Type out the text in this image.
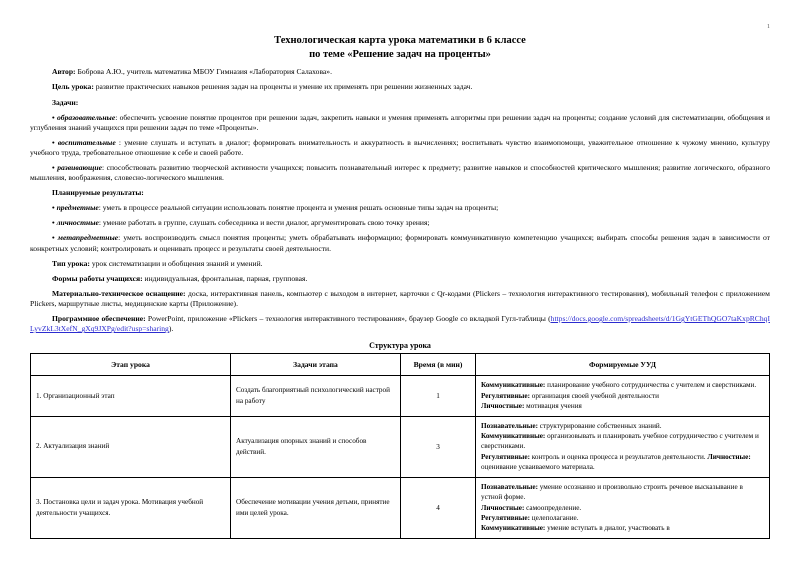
1
Технологическая карта урока математики в 6 классе
по теме «Решение задач на проценты»
Автор: Боброва А.Ю., учитель математика МБОУ Гимназия «Лаборатория Салахова».
Цель урока: развитие практических навыков решения задач на проценты и умение их применять при решении жизненных задач.
Задачи:
• образовательные: обеспечить усвоение понятие процентов при решении задач, закрепить навыки и умения применять алгоритмы при решении задач на проценты; создание условий для систематизации, обобщения и углубления знаний учащихся при решении задач по теме «Проценты».
• воспитательные : умение слушать и вступать в диалог; формировать внимательность и аккуратность в вычислениях; воспитывать чувство взаимопомощи, уважительное отношение к чужому мнению, культуру учебного труда, требовательное отношение к себе и своей работе.
• развивающие: способствовать развитию творческой активности учащихся; повысить познавательный интерес к предмету; развитие навыков и способностей критического мышления; развитие логического, образного мышления, воображения, словесно-логического мышления.
Планируемые результаты:
• предметные: уметь в процессе реальной ситуации использовать понятие процента и умения решать основные типы задач на проценты;
• личностные: умение работать в группе, слушать собеседника и вести диалог, аргументировать свою точку зрения;
• метапредметные: уметь воспроизводить смысл понятия проценты; уметь обрабатывать информацию; формировать коммуникативную компетенцию учащихся; выбирать способы решения задач в зависимости от конкретных условий; контролировать и оценивать процесс и результаты своей деятельности.
Тип урока: урок систематизации и обобщения знаний и умений.
Формы работы учащихся: индивидуальная, фронтальная, парная, групповая.
Материально-техническое оснащение: доска, интерактивная панель, компьютер с выходом в интернет, карточки с Qr-кодами (Plickers – технология интерактивного тестирования), мобильный телефон с приложением Plickers, маршрутные листы, медицинские карты (Приложение).
Программное обеспечение: PowerPoint, приложение «Plickers – технология интерактивного тестирования», браузер Google со вкладкой Гугл-таблицы (https://docs.google.com/spreadsheets/d/1GgYtGEThQGO7taKxpRChqILyvZkL3tXefN_gXq9JXPg/edit?usp=sharing).
Структура урока
Этап урока	Задачи этапа	Время (в мин)	Формируемые УУД
1. Организационный этап	Создать благоприятный психологический настрой на работу	1	Коммуникативные: планирование учебного сотрудничества с учителем и сверстниками.
Регулятивные: организация своей учебной деятельности
Личностные: мотивация учения
2. Актуализация знаний	Актуализация опорных знаний и способов действий.	3	Познавательные: структурирование собственных знаний.
Коммуникативные: организовывать и планировать учебное сотрудничество с учителем и сверстниками.
Регулятивные: контроль и оценка процесса и результатов деятельности. Личностные: оценивание усваиваемого материала.
3. Постановка цели и задач урока. Мотивация учебной деятельности учащихся.	Обеспечение мотивации учения детьми, принятие ими целей урока.	4	Познавательные: умение осознанно и произвольно строить речевое высказывание в устной форме.
Личностные: самоопределение.
Регулятивные: целеполагание.
Коммуникативные: умение вступать в диалог, участвовать в
